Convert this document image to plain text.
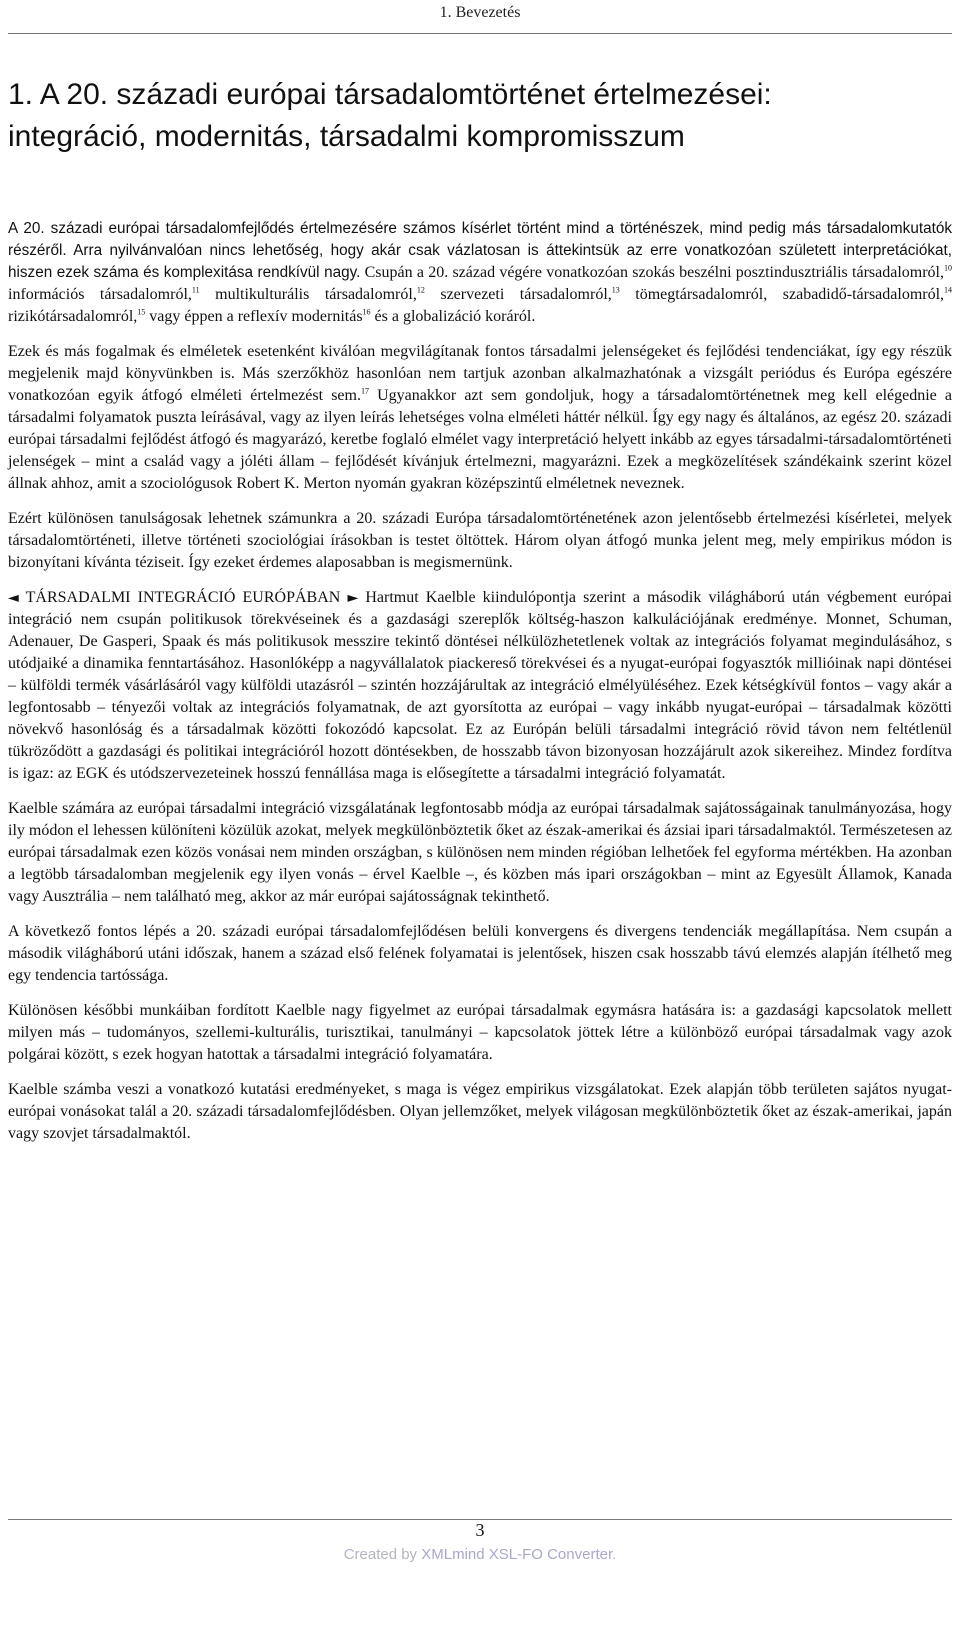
1. Bevezetés
1. A 20. századi európai társadalomtörténet értelmezései: integráció, modernitás, társadalmi kompromisszum

A 20. századi európai társadalomfejlődés értelmezésére számos kísérlet történt mind a történészek, mind pedig más társadalomkutatók részéről. Arra nyilvánvalóan nincs lehetőség, hogy akár csak vázlatosan is áttekintsük az erre vonatkozóan született interpretációkat, hiszen ezek száma és komplexitása rendkívül nagy. Csupán a 20. század végére vonatkozóan szokás beszélni posztindusztriális társadalomról,$^{10}$ információs társadalomról,$^{11}$ multikulturális társadalomról,$^{12}$ szervezeti társadalomról,$^{13}$ tömegtársadalomról, szabadidő-társadalomról,$^{14}$ rizikótársadalomról,$^{15}$ vagy éppen a reflexív modernitás$^{16}$ és a globalizáció koráról.

Ezek és más fogalmak és elméletek esetenként kiválóan megvilágítanak fontos társadalmi jelenségeket és fejlődési tendenciákat, így egy részük megjelenik majd könyvünkben is. Más szerzőkhöz hasonlóan nem tartjuk azonban alkalmazhatónak a vizsgált periódus és Európa egészére vonatkozóan egyik átfogó elméleti értelmezést sem.$^{17}$ Ugyanakkor azt sem gondoljuk, hogy a társadalomtörténetnek meg kell elégednie a társadalmi folyamatok puszta leírásával, vagy az ilyen leírás lehetséges volna elméleti háttér nélkül. Így egy nagy és általános, az egész 20. századi európai társadalmi fejlődést átfogó és magyarázó, keretbe foglaló elmélet vagy interpretáció helyett inkább az egyes társadalmi-társadalomtörténeti jelenségek – mint a család vagy a jóléti állam – fejlődését kívánjuk értelmezni, magyarázni. Ezek a megközelítések szándékaink szerint közel állnak ahhoz, amit a szociológusok Robert K. Merton nyomán gyakran középszintű elméletnek neveznek.

Ezért különösen tanulságosak lehetnek számunkra a 20. századi Európa társadalomtörténetének azon jelentősebb értelmezési kísérletei, melyek társadalomtörténeti, illetve történeti szociológiai írásokban is testet öltöttek. Három olyan átfogó munka jelent meg, mely empirikus módon is bizonyítani kívánta téziseit. Így ezeket érdemes alaposabban is megismernünk.

◄ TÁRSADALMI INTEGRÁCIÓ EURÓPÁBAN ► Hartmut Kaelble kiindulópontja szerint a második világháború után végbement európai integráció nem csupán politikusok törekvéseinek és a gazdasági szereplők költség-haszon kalkulációjának eredménye. Monnet, Schuman, Adenauer, De Gasperi, Spaak és más politikusok messzire tekintő döntései nélkülözhetetlenek voltak az integrációs folyamat megindulásához, s utódjaiké a dinamika fenntartásához. Hasonlóképp a nagyvállalatok piackereső törekvései és a nyugat-európai fogyasztók millióinak napi döntései – külföldi termék vásárlásáról vagy külföldi utazásról – szintén hozzájárultak az integráció elmélyüléséhez. Ezek kétségkívül fontos – vagy akár a legfontosabb – tényezői voltak az integrációs folyamatnak, de azt gyorsította az európai – vagy inkább nyugat-európai – társadalmak közötti növekvő hasonlóság és a társadalmak közötti fokozódó kapcsolat. Ez az Európán belüli társadalmi integráció rövid távon nem feltétlenül tükröződött a gazdasági és politikai integrációról hozott döntésekben, de hosszabb távon bizonyosan hozzájárult azok sikereihez. Mindez fordítva is igaz: az EGK és utódszervezeteinek hosszú fennállása maga is elősegítette a társadalmi integráció folyamatát.

Kaelble számára az európai társadalmi integráció vizsgálatának legfontosabb módja az európai társadalmak sajátosságainak tanulmányozása, hogy ily módon el lehessen különíteni közülük azokat, melyek megkülönböztetik őket az észak-amerikai és ázsiai ipari társadalmaktól. Természetesen az európai társadalmak ezen közös vonásai nem minden országban, s különösen nem minden régióban lelhetőek fel egyforma mértékben. Ha azonban a legtöbb társadalomban megjelenik egy ilyen vonás – érvel Kaelble –, és közben más ipari országokban – mint az Egyesült Államok, Kanada vagy Ausztrália – nem található meg, akkor az már európai sajátosságnak tekinthető.

A következő fontos lépés a 20. századi európai társadalomfejlődésen belüli konvergens és divergens tendenciák megállapítása. Nem csupán a második világháború utáni időszak, hanem a század első felének folyamatai is jelentősek, hiszen csak hosszabb távú elemzés alapján ítélhető meg egy tendencia tartóssága.

Különösen későbbi munkáiban fordított Kaelble nagy figyelmet az európai társadalmak egymásra hatására is: a gazdasági kapcsolatok mellett milyen más – tudományos, szellemi-kulturális, turisztikai, tanulmányi – kapcsolatok jöttek létre a különböző európai társadalmak vagy azok polgárai között, s ezek hogyan hatottak a társadalmi integráció folyamatára.

Kaelble számba veszi a vonatkozó kutatási eredményeket, s maga is végez empirikus vizsgálatokat. Ezek alapján több területen sajátos nyugat-európai vonásokat talál a 20. századi társadalomfejlődésben. Olyan jellemzőket, melyek világosan megkülönböztetik őket az észak-amerikai, japán vagy szovjet társadalmaktól.

3
Created by XMLmind XSL-FO Converter.
